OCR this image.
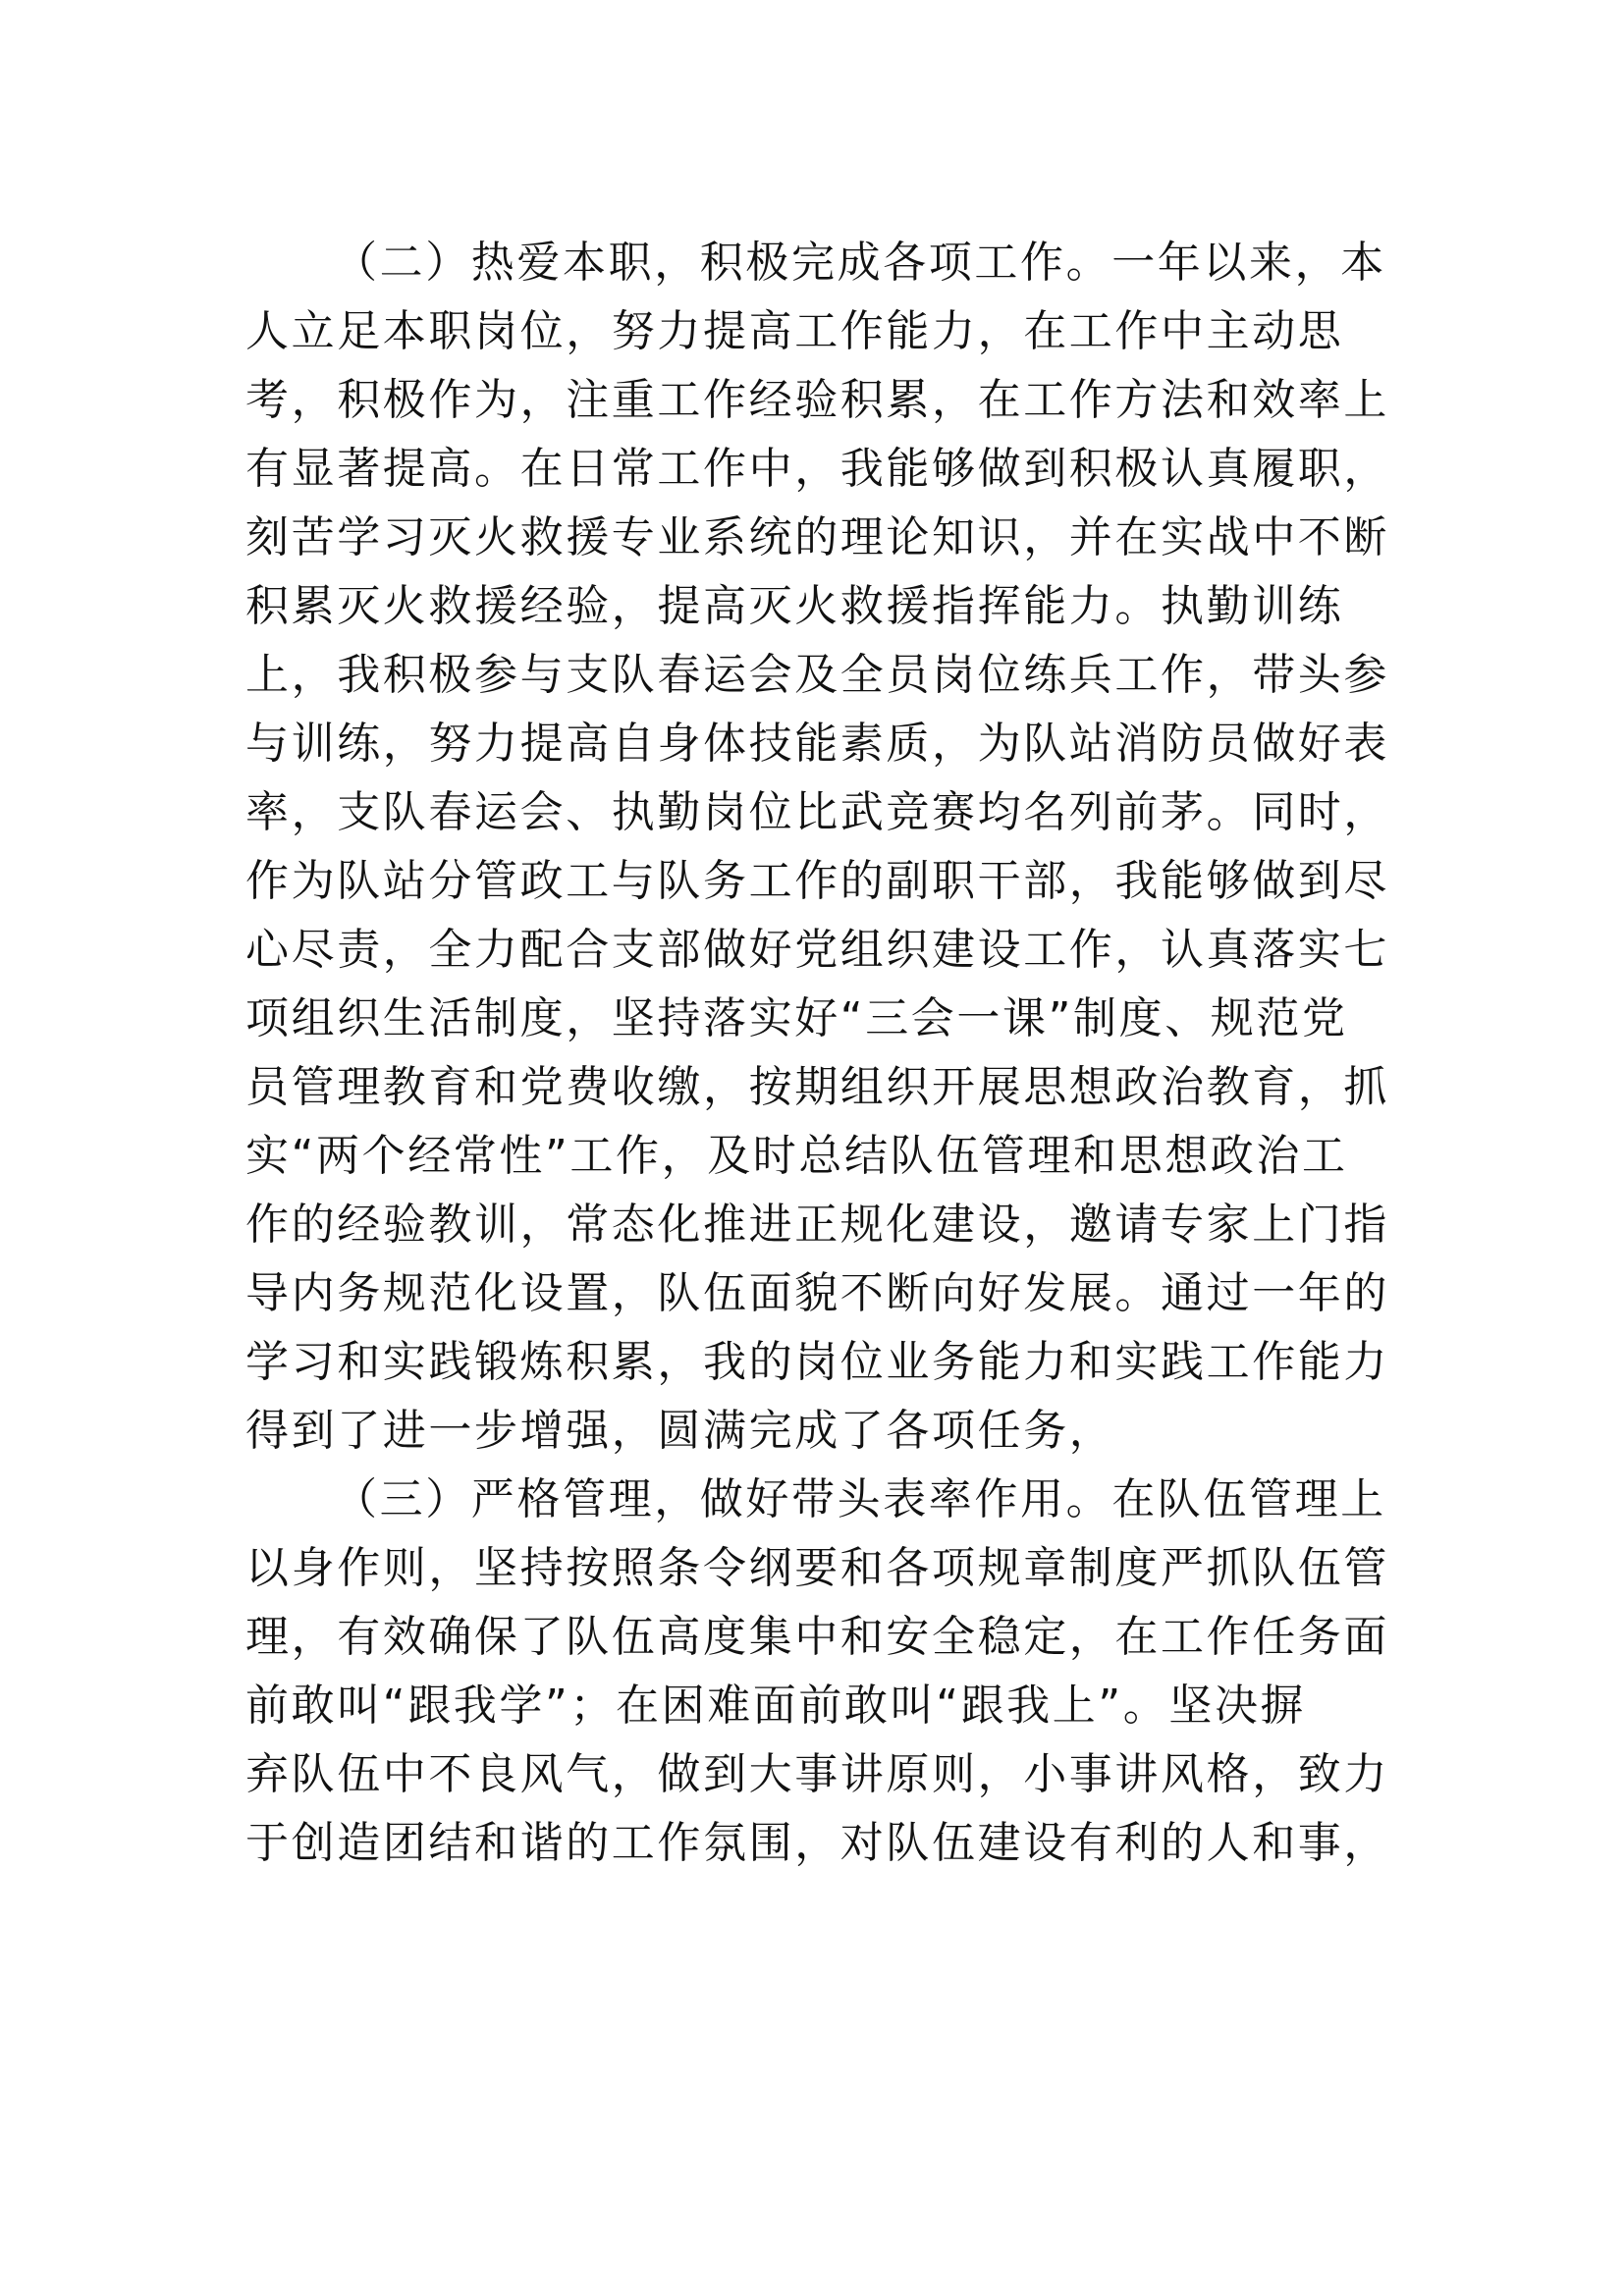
（二）热爱本职，积极完成各项工作。一年以来，本
人立足本职岗位，努力提高工作能力，在工作中主动思
考，积极作为，注重工作经验积累，在工作方法和效率上
有显著提高。在日常工作中，我能够做到积极认真履职，
刻苦学习灭火救援专业系统的理论知识，并在实战中不断
积累灭火救援经验，提高灭火救援指挥能力。执勤训练
上，我积极参与支队春运会及全员岗位练兵工作，带头参
与训练，努力提高自身体技能素质，为队站消防员做好表
率，支队春运会、执勤岗位比武竞赛均名列前茅。同时，
作为队站分管政工与队务工作的副职干部，我能够做到尽
心尽责，全力配合支部做好党组织建设工作，认真落实七
项组织生活制度，坚持落实好“三会一课”制度、规范党
员管理教育和党费收缴，按期组织开展思想政治教育，抓
实“两个经常性”工作，及时总结队伍管理和思想政治工
作的经验教训，常态化推进正规化建设，邀请专家上门指
导内务规范化设置，队伍面貌不断向好发展。通过一年的
学习和实践锻炼积累，我的岗位业务能力和实践工作能力
得到了进一步增强，圆满完成了各项任务，
（三）严格管理，做好带头表率作用。在队伍管理上
以身作则，坚持按照条令纲要和各项规章制度严抓队伍管
理，有效确保了队伍高度集中和安全稳定，在工作任务面
前敢叫“跟我学”；在困难面前敢叫“跟我上”。坚决摒
弃队伍中不良风气，做到大事讲原则，小事讲风格，致力
于创造团结和谐的工作氛围，对队伍建设有利的人和事，
